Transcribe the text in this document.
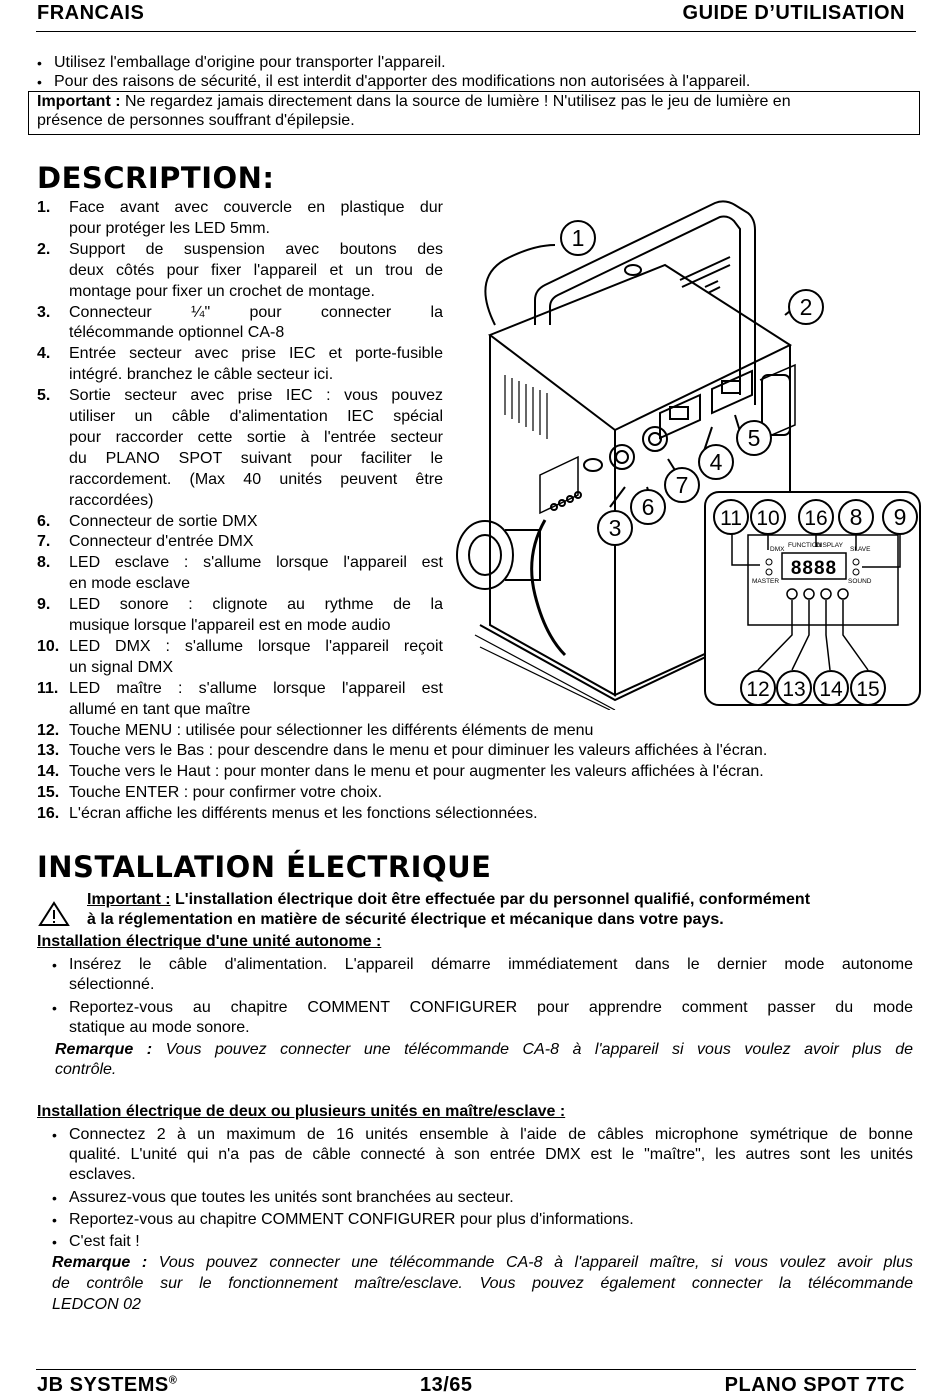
FRANCAIS	GUIDE D’UTILISATION
• Utilisez l'emballage d'origine pour transporter l'appareil.
• Pour des raisons de sécurité, il est interdit d'apporter des modifications non autorisées à l'appareil.
Important : Ne regardez jamais directement dans la source de lumière ! N'utilisez pas le jeu de lumière en
présence de personnes souffrant d'épilepsie.
DESCRIPTION:
1. Face avant avec couvercle en plastique dur
pour protéger les LED 5mm.
2. Support de suspension avec boutons des
deux côtés pour fixer l'appareil et un trou de
montage pour fixer un crochet de montage.
3. Connecteur ¼" pour connecter la
télécommande optionnel CA-8
4. Entrée secteur avec prise IEC et porte-fusible
intégré. branchez le câble secteur ici.
5. Sortie secteur avec prise IEC : vous pouvez
utiliser un câble d'alimentation IEC spécial
pour raccorder cette sortie à l'entrée secteur
du PLANO SPOT suivant pour faciliter le
raccordement. (Max 40 unités peuvent être
raccordées)
6. Connecteur de sortie DMX
7. Connecteur d'entrée DMX
8. LED esclave : s'allume lorsque l'appareil est
en mode esclave
9. LED sonore : clignote au rythme de la
musique lorsque l'appareil est en mode audio
10. LED DMX : s'allume lorsque l'appareil reçoit
un signal DMX
11. LED maître : s'allume lorsque l'appareil est
allumé en tant que maître
12. Touche MENU : utilisée pour sélectionner les différents éléments de menu
13. Touche vers le Bas : pour descendre dans le menu et pour diminuer les valeurs affichées à l'écran.
14. Touche vers le Haut : pour monter dans le menu et pour augmenter les valeurs affichées à l'écran.
15. Touche ENTER : pour confirmer votre choix.
16. L'écran affiche les différents menus et les fonctions sélectionnées.
DMX
FUNCTION
DISPLAY
SLAVE
MASTER	SOUND
8888
1
2
3
4
5
6
7
11 10 16 8 9
12 13 14 15
INSTALLATION ÉLECTRIQUE
Important : L'installation électrique doit être effectuée par du personnel qualifié, conformément
à la réglementation en matière de sécurité électrique et mécanique dans votre pays.
Installation électrique d'une unité autonome :
• Insérez le câble d'alimentation. L'appareil démarre immédiatement dans le dernier mode autonome
sélectionné.
• Reportez-vous au chapitre COMMENT CONFIGURER pour apprendre comment passer du mode
statique au mode sonore.
Remarque : Vous pouvez connecter une télécommande CA-8 à l'appareil si vous voulez avoir plus de
contrôle.
Installation électrique de deux ou plusieurs unités en maître/esclave :
• Connectez 2 à un maximum de 16 unités ensemble à l'aide de câbles microphone symétrique de bonne
qualité. L'unité qui n'a pas de câble connecté à son entrée DMX est le "maître", les autres sont les unités
esclaves.
• Assurez-vous que toutes les unités sont branchées au secteur.
• Reportez-vous au chapitre COMMENT CONFIGURER pour plus d'informations.
• C'est fait !
Remarque : Vous pouvez connecter une télécommande CA-8 à l'appareil maître, si vous voulez avoir plus
de contrôle sur le fonctionnement maître/esclave. Vous pouvez également connecter la télécommande
LEDCON 02
JB SYSTEMS®	13/65	PLANO SPOT 7TC
